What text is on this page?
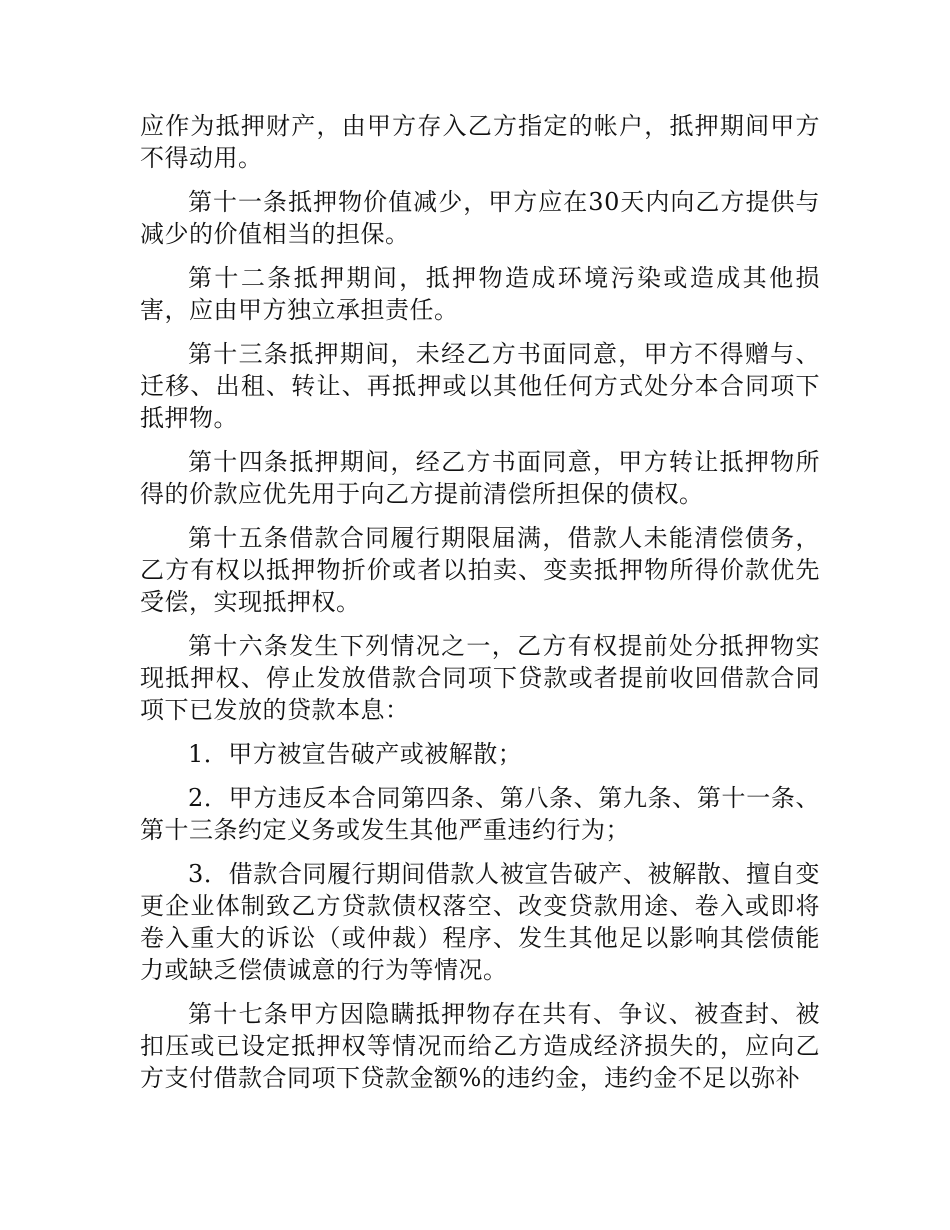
应作为抵押财产，由甲方存入乙方指定的帐户，抵押期间甲方不得动用。

第十一条抵押物价值减少，甲方应在30天内向乙方提供与减少的价值相当的担保。

第十二条抵押期间，抵押物造成环境污染或造成其他损害，应由甲方独立承担责任。

第十三条抵押期间，未经乙方书面同意，甲方不得赠与、迁移、出租、转让、再抵押或以其他任何方式处分本合同项下抵押物。

第十四条抵押期间，经乙方书面同意，甲方转让抵押物所得的价款应优先用于向乙方提前清偿所担保的债权。

第十五条借款合同履行期限届满，借款人未能清偿债务，乙方有权以抵押物折价或者以拍卖、变卖抵押物所得价款优先受偿，实现抵押权。

第十六条发生下列情况之一，乙方有权提前处分抵押物实现抵押权、停止发放借款合同项下贷款或者提前收回借款合同项下已发放的贷款本息：

1．甲方被宣告破产或被解散；

2．甲方违反本合同第四条、第八条、第九条、第十一条、第十三条约定义务或发生其他严重违约行为；

3．借款合同履行期间借款人被宣告破产、被解散、擅自变更企业体制致乙方贷款债权落空、改变贷款用途、卷入或即将卷入重大的诉讼（或仲裁）程序、发生其他足以影响其偿债能力或缺乏偿债诚意的行为等情况。

第十七条甲方因隐瞒抵押物存在共有、争议、被查封、被扣压或已设定抵押权等情况而给乙方造成经济损失的，应向乙方支付借款合同项下贷款金额%的违约金，违约金不足以弥补
